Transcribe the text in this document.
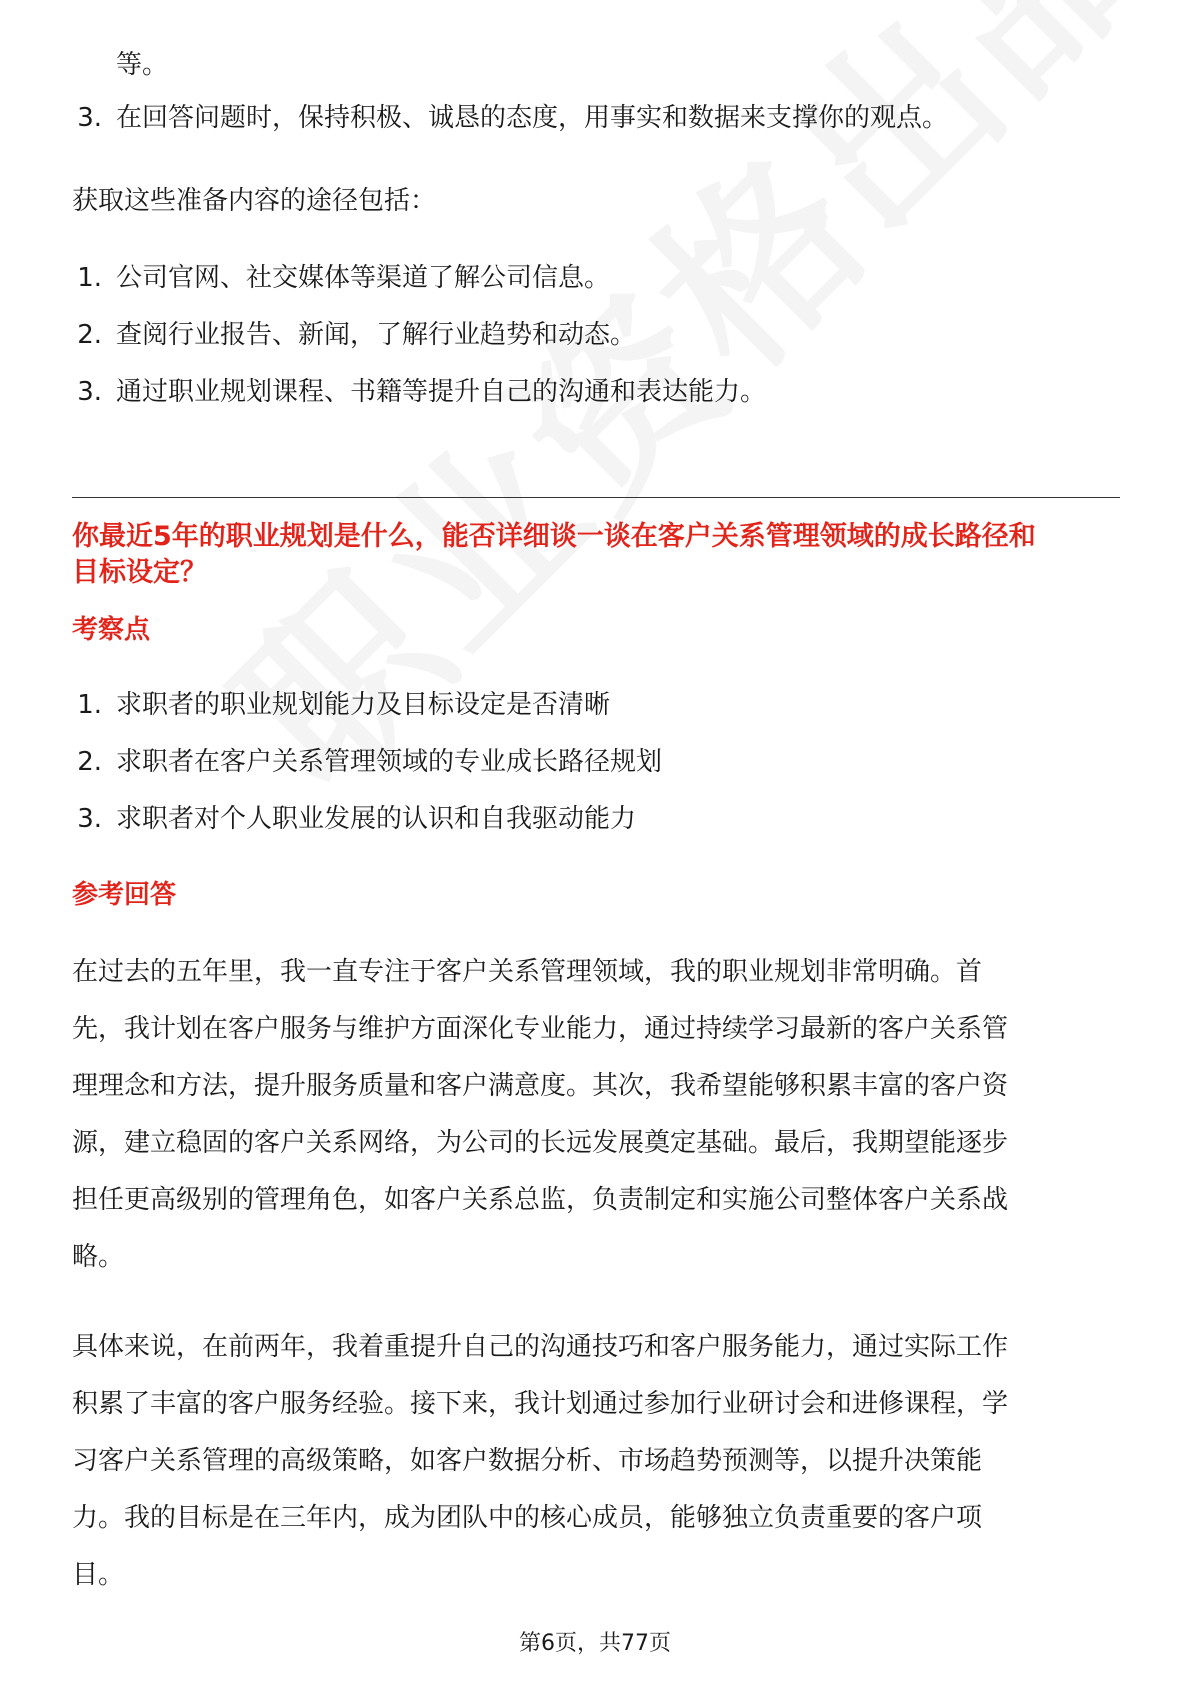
等。
3. 在回答问题时，保持积极、诚恳的态度，用事实和数据来支撑你的观点。
获取这些准备内容的途径包括：
1. 公司官网、社交媒体等渠道了解公司信息。
2. 查阅行业报告、新闻，了解行业趋势和动态。
3. 通过职业规划课程、书籍等提升自己的沟通和表达能力。
你最近5年的职业规划是什么，能否详细谈一谈在客户关系管理领域的成长路径和
目标设定？
考察点
1. 求职者的职业规划能力及目标设定是否清晰
2. 求职者在客户关系管理领域的专业成长路径规划
3. 求职者对个人职业发展的认识和自我驱动能力
参考回答
在过去的五年里，我一直专注于客户关系管理领域，我的职业规划非常明确。首
先，我计划在客户服务与维护方面深化专业能力，通过持续学习最新的客户关系管
理理念和方法，提升服务质量和客户满意度。其次，我希望能够积累丰富的客户资
源，建立稳固的客户关系网络，为公司的长远发展奠定基础。最后，我期望能逐步
担任更高级别的管理角色，如客户关系总监，负责制定和实施公司整体客户关系战
略。
具体来说，在前两年，我着重提升自己的沟通技巧和客户服务能力，通过实际工作
积累了丰富的客户服务经验。接下来，我计划通过参加行业研讨会和进修课程，学
习客户关系管理的高级策略，如客户数据分析、市场趋势预测等，以提升决策能
力。我的目标是在三年内，成为团队中的核心成员，能够独立负责重要的客户项
目。
第6页，共77页
